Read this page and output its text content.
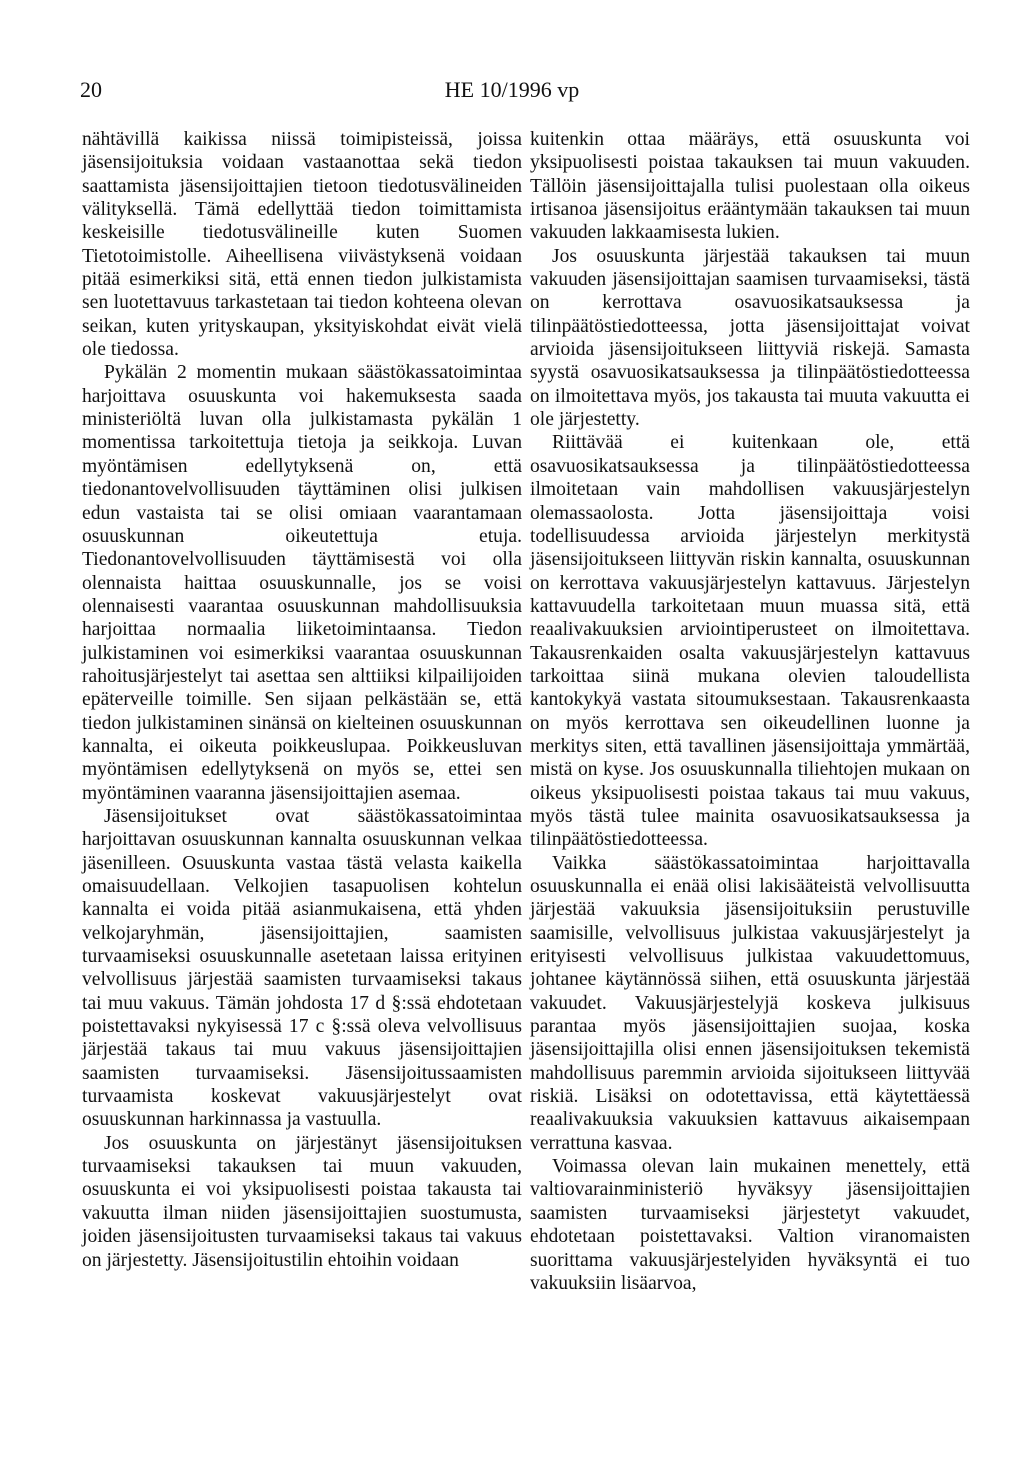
20	HE 10/1996 vp

nähtävillä kaikissa niissä toimipisteissä, joissa jäsensijoituksia voidaan vastaanottaa sekä tiedon saattamista jäsensijoittajien tietoon tiedotusvälineiden välityksellä. Tämä edellyttää tiedon toimittamista keskeisille tiedotusvälineille kuten Suomen Tietotoimistolle. Aiheellisena viivästyksenä voidaan pitää esimerkiksi sitä, että ennen tiedon julkistamista sen luotettavuus tarkastetaan tai tiedon kohteena olevan seikan, kuten yrityskaupan, yksityiskohdat eivät vielä ole tiedossa.

Pykälän 2 momentin mukaan säästökassatoimintaa harjoittava osuuskunta voi hakemuksesta saada ministeriöltä luvan olla julkistamasta pykälän 1 momentissa tarkoitettuja tietoja ja seikkoja. Luvan myöntämisen edellytyksenä on, että tiedonantovelvollisuuden täyttäminen olisi julkisen edun vastaista tai se olisi omiaan vaarantamaan osuuskunnan oikeutettuja etuja. Tiedonantovelvollisuuden täyttämisestä voi olla olennaista haittaa osuuskunnalle, jos se voisi olennaisesti vaarantaa osuuskunnan mahdollisuuksia harjoittaa normaalia liiketoimintaansa. Tiedon julkistaminen voi esimerkiksi vaarantaa osuuskunnan rahoitusjärjestelyt tai asettaa sen alttiiksi kilpailijoiden epäterveille toimille. Sen sijaan pelkästään se, että tiedon julkistaminen sinänsä on kielteinen osuuskunnan kannalta, ei oikeuta poikkeuslupaa. Poikkeusluvan myöntämisen edellytyksenä on myös se, ettei sen myöntäminen vaaranna jäsensijoittajien asemaa.

Jäsensijoitukset ovat säästökassatoimintaa harjoittavan osuuskunnan kannalta osuuskunnan velkaa jäsenilleen. Osuuskunta vastaa tästä velasta kaikella omaisuudellaan. Velkojien tasapuolisen kohtelun kannalta ei voida pitää asianmukaisena, että yhden velkojaryhmän, jäsensijoittajien, saamisten turvaamiseksi osuuskunnalle asetetaan laissa erityinen velvollisuus järjestää saamisten turvaamiseksi takaus tai muu vakuus. Tämän johdosta 17 d §:ssä ehdotetaan poistettavaksi nykyisessä 17 c §:ssä oleva velvollisuus järjestää takaus tai muu vakuus jäsensijoittajien saamisten turvaamiseksi. Jäsensijoitussaamisten turvaamista koskevat vakuusjärjestelyt ovat osuuskunnan harkinnassa ja vastuulla.

Jos osuuskunta on järjestänyt jäsensijoituksen turvaamiseksi takauksen tai muun vakuuden, osuuskunta ei voi yksipuolisesti poistaa takausta tai vakuutta ilman niiden jäsensijoittajien suostumusta, joiden jäsensijoitusten turvaamiseksi takaus tai vakuus on järjestetty. Jäsensijoitustilin ehtoihin voidaan

kuitenkin ottaa määräys, että osuuskunta voi yksipuolisesti poistaa takauksen tai muun vakuuden. Tällöin jäsensijoittajalla tulisi puolestaan olla oikeus irtisanoa jäsensijoitus erääntymään takauksen tai muun vakuuden lakkaamisesta lukien.

Jos osuuskunta järjestää takauksen tai muun vakuuden jäsensijoittajan saamisen turvaamiseksi, tästä on kerrottava osavuosikatsauksessa ja tilinpäätöstiedotteessa, jotta jäsensijoittajat voivat arvioida jäsensijoitukseen liittyviä riskejä. Samasta syystä osavuosikatsauksessa ja tilinpäätöstiedotteessa on ilmoitettava myös, jos takausta tai muuta vakuutta ei ole järjestetty.

Riittävää ei kuitenkaan ole, että osavuosikatsauksessa ja tilinpäätöstiedotteessa ilmoitetaan vain mahdollisen vakuusjärjestelyn olemassaolosta. Jotta jäsensijoittaja voisi todellisuudessa arvioida järjestelyn merkitystä jäsensijoitukseen liittyvän riskin kannalta, osuuskunnan on kerrottava vakuusjärjestelyn kattavuus. Järjestelyn kattavuudella tarkoitetaan muun muassa sitä, että reaalivakuuksien arviointiperusteet on ilmoitettava. Takausrenkaiden osalta vakuusjärjestelyn kattavuus tarkoittaa siinä mukana olevien taloudellista kantokykyä vastata sitoumuksestaan. Takausrenkaasta on myös kerrottava sen oikeudellinen luonne ja merkitys siten, että tavallinen jäsensijoittaja ymmärtää, mistä on kyse. Jos osuuskunnalla tiliehtojen mukaan on oikeus yksipuolisesti poistaa takaus tai muu vakuus, myös tästä tulee mainita osavuosikatsauksessa ja tilinpäätöstiedotteessa.

Vaikka säästökassatoimintaa harjoittavalla osuuskunnalla ei enää olisi lakisääteistä velvollisuutta järjestää vakuuksia jäsensijoituksiin perustuville saamisille, velvollisuus julkistaa vakuusjärjestelyt ja erityisesti velvollisuus julkistaa vakuudettomuus, johtanee käytännössä siihen, että osuuskunta järjestää vakuudet. Vakuusjärjestelyjä koskeva julkisuus parantaa myös jäsensijoittajien suojaa, koska jäsensijoittajilla olisi ennen jäsensijoituksen tekemistä mahdollisuus paremmin arvioida sijoitukseen liittyvää riskiä. Lisäksi on odotettavissa, että käytettäessä reaalivakuuksia vakuuksien kattavuus aikaisempaan verrattuna kasvaa.

Voimassa olevan lain mukainen menettely, että valtiovarainministeriö hyväksyy jäsensijoittajien saamisten turvaamiseksi järjestetyt vakuudet, ehdotetaan poistettavaksi. Valtion viranomaisten suorittama vakuusjärjestelyiden hyväksyntä ei tuo vakuuksiin lisäarvoa,
